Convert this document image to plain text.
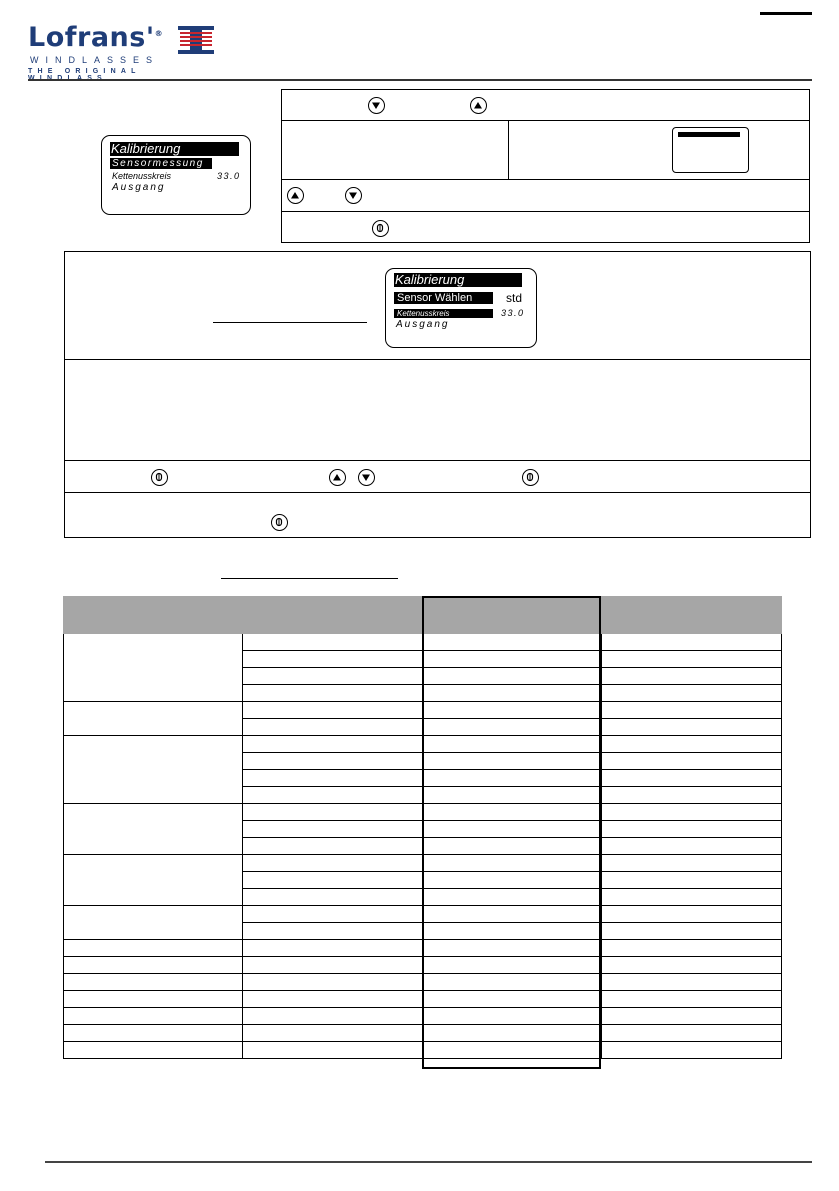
Lofrans'®
WINDLASSES
THE ORIGINAL
Kalibrierung
Sensormessung
Kettenusskreis	33.0
Ausgang
Kalibrierung
Sensor Wählen	std
Kettenusskreis	33.0
Ausgang
